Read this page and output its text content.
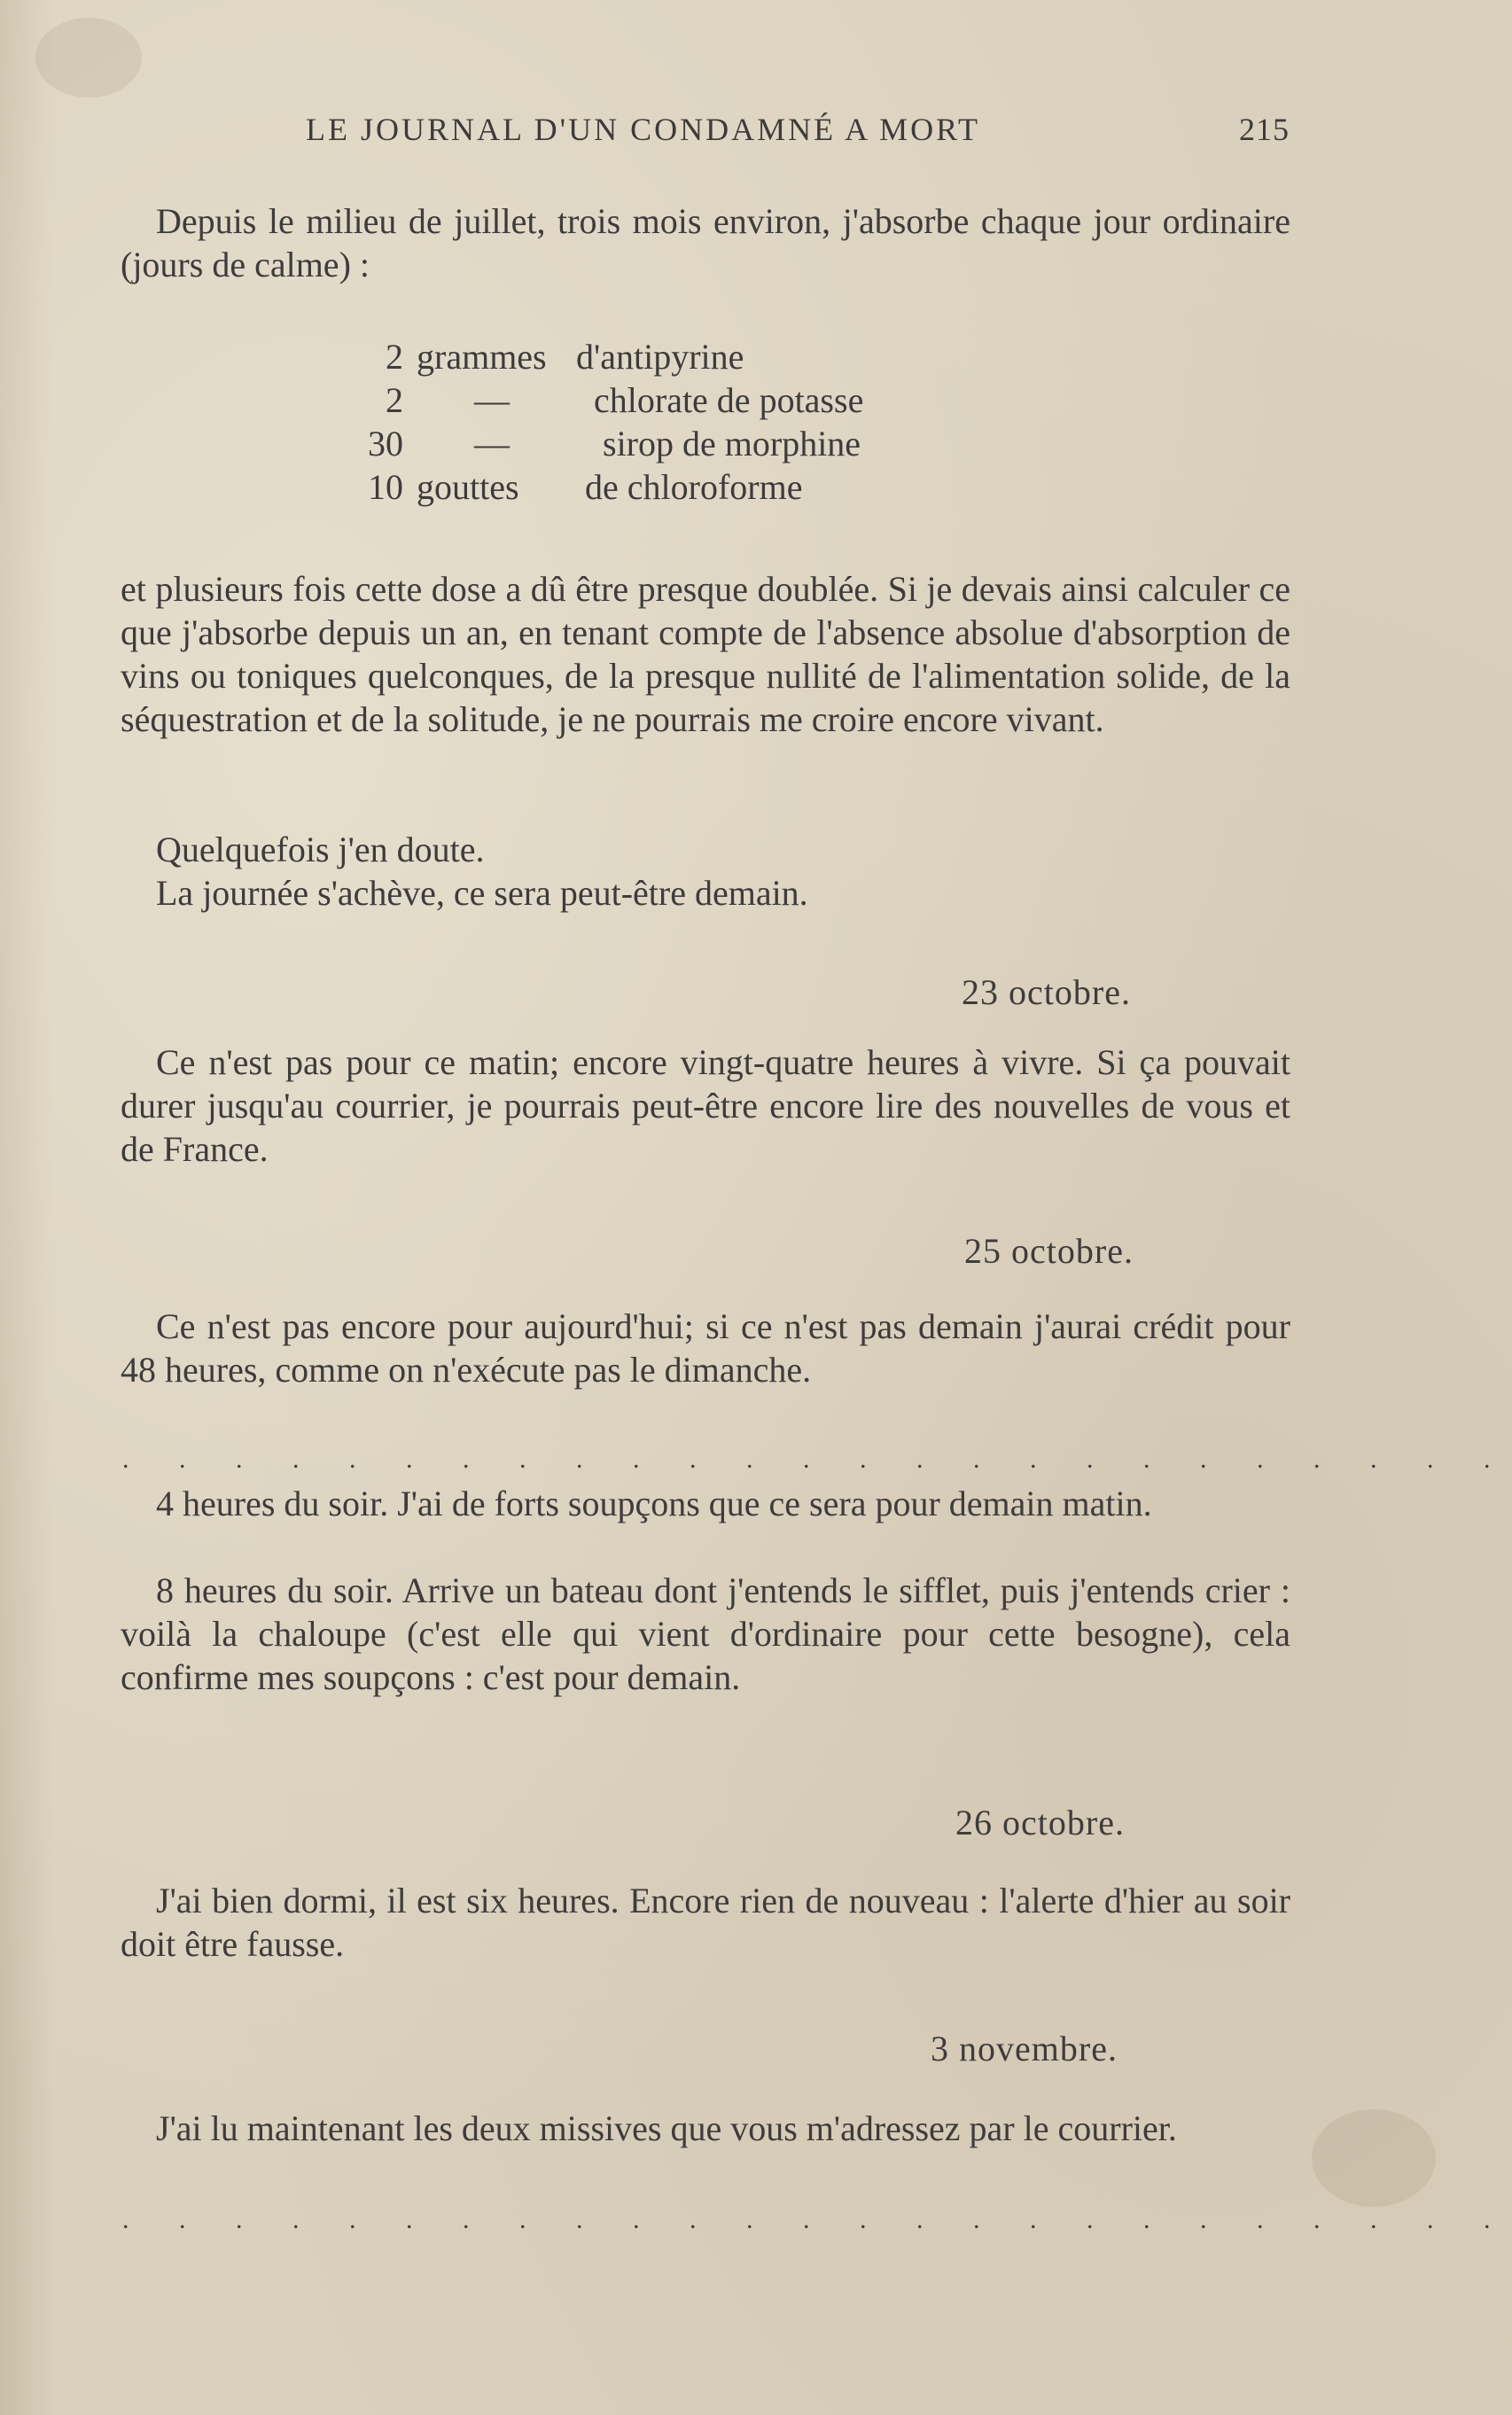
LE JOURNAL D'UN CONDAMNÉ A MORT	215

Depuis le milieu de juillet, trois mois environ, j'absorbe chaque jour ordinaire (jours de calme) :

2 grammes d'antipyrine
2 — chlorate de potasse
30 —	sirop de morphine
10 gouttes de chloroforme

et plusieurs fois cette dose a dû être presque doublée. Si je devais ainsi calculer ce que j'absorbe depuis un an, en tenant compte de l'absence absolue d'absorption de vins ou toniques quelconques, de la presque nullité de l'alimentation solide, de la séquestration et de la solitude, je ne pourrais me croire encore vivant.

Quelquefois j'en doute.

La journée s'achève, ce sera peut-être demain.

23 octobre.

Ce n'est pas pour ce matin; encore vingt-quatre heures à vivre. Si ça pouvait durer jusqu'au courrier, je pourrais peut-être encore lire des nouvelles de vous et de France.

25 octobre.

Ce n'est pas encore pour aujourd'hui; si ce n'est pas demain j'aurai crédit pour 48 heures, comme on n'exécute pas le dimanche.

. . . . . . . . . . . . . . . . . . . . . . . . .

4 heures du soir. J'ai de forts soupçons que ce sera pour demain matin.

8 heures du soir. Arrive un bateau dont j'entends le sifflet, puis j'entends crier : voilà la chaloupe (c'est elle qui vient d'ordinaire pour cette besogne), cela confirme mes soupçons : c'est pour demain.

26 octobre.

J'ai bien dormi, il est six heures. Encore rien de nouveau : l'alerte d'hier au soir doit être fausse.

3 novembre.

J'ai lu maintenant les deux missives que vous m'adressez par le courrier.

. . . . . . . . . . . . . . . . . . . . . . . . .
